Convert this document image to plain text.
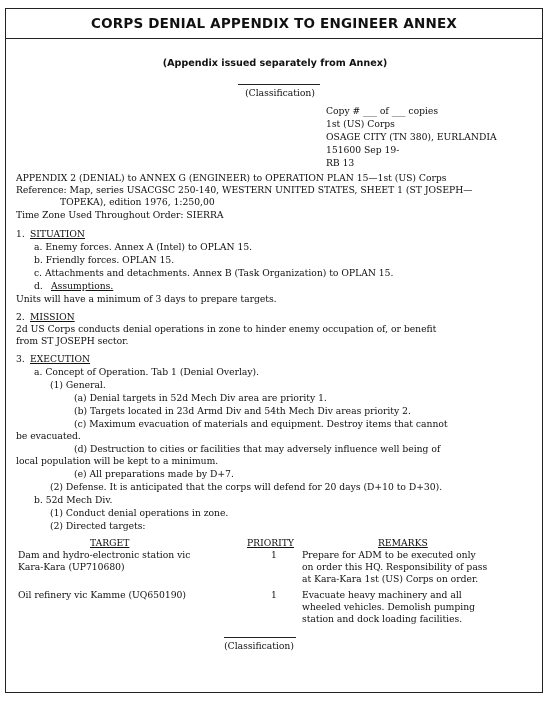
CORPS DENIAL APPENDIX TO ENGINEER ANNEX
(Appendix issued separately from Annex)
(Classification)
Copy # ___ of ___ copies
1st (US) Corps
OSAGE CITY (TN 380), EURLANDIA
151600 Sep 19-
RB 13
APPENDIX 2 (DENIAL) to ANNEX G (ENGINEER) to OPERATION PLAN 15—1st (US) Corps
Reference: Map, series USACGSC 250-140, WESTERN UNITED STATES, SHEET 1 (ST JOSEPH—
TOPEKA), edition 1976, 1:250,00
Time Zone Used Throughout Order: SIERRA
1. SITUATION
a. Enemy forces. Annex A (Intel) to OPLAN 15.
b. Friendly forces. OPLAN 15.
c. Attachments and detachments. Annex B (Task Organization) to OPLAN 15.
d. Assumptions.
Units will have a minimum of 3 days to prepare targets.
2. MISSION
2d US Corps conducts denial operations in zone to hinder enemy occupation of, or benefit
from ST JOSEPH sector.
3. EXECUTION
a. Concept of Operation. Tab 1 (Denial Overlay).
(1) General.
(a) Denial targets in 52d Mech Div area are priority 1.
(b) Targets located in 23d Armd Div and 54th Mech Div areas priority 2.
(c) Maximum evacuation of materials and equipment. Destroy items that cannot
be evacuated.
(d) Destruction to cities or facilities that may adversely influence well being of
local population will be kept to a minimum.
(e) All preparations made by D+7.
(2) Defense. It is anticipated that the corps will defend for 20 days (D+10 to D+30).
b. 52d Mech Div.
(1) Conduct denial operations in zone.
(2) Directed targets:
TARGET	PRIORITY	REMARKS
Dam and hydro-electronic station vic
Kara-Kara (UP710680)
1	Prepare for ADM to be executed only
on order this HQ. Responsibility of pass
at Kara-Kara 1st (US) Corps on order.
Oil refinery vic Kamme (UQ650190)	1	Evacuate heavy machinery and all
wheeled vehicles. Demolish pumping
station and dock loading facilities.
(Classification)
